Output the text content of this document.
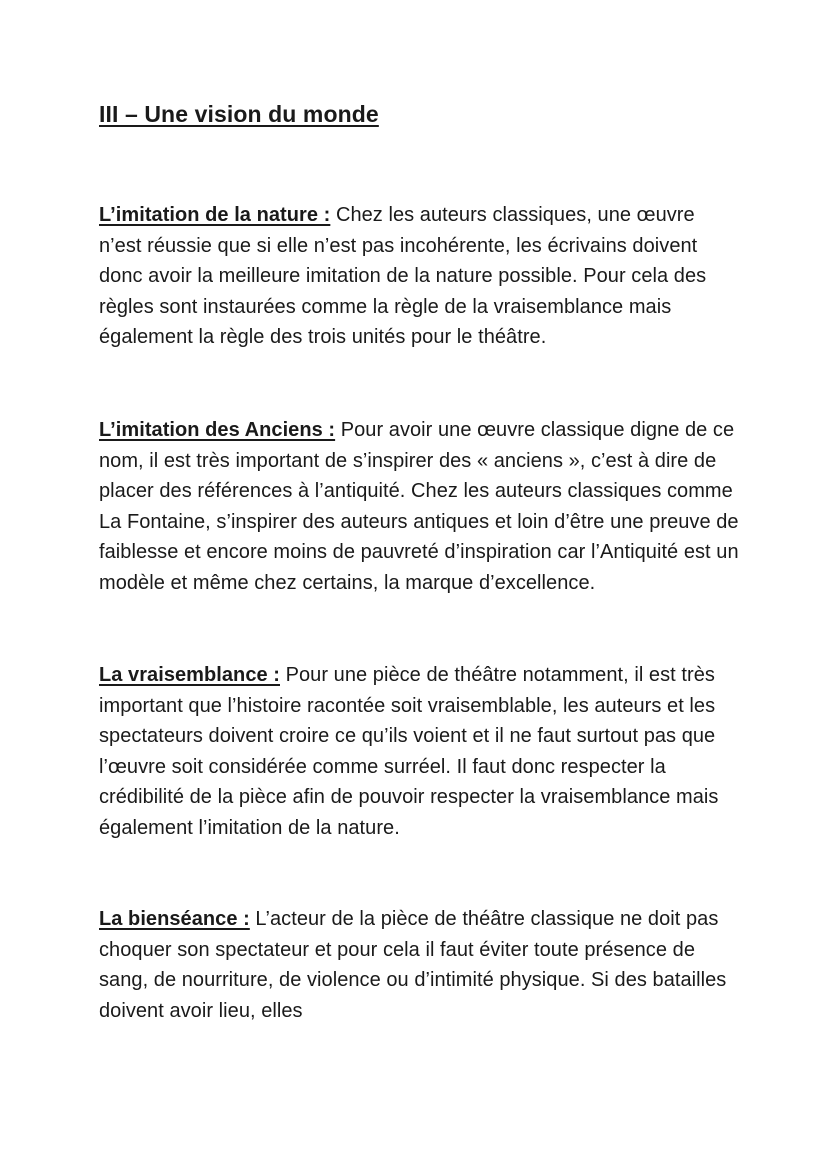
III – Une vision du monde

L’imitation de la nature : Chez les auteurs classiques, une œuvre n’est réussie que si elle n’est pas incohérente, les écrivains doivent donc avoir la meilleure imitation de la nature possible. Pour cela des règles sont instaurées comme la règle de la vraisemblance mais également la règle des trois unités pour le théâtre.

L’imitation des Anciens : Pour avoir une œuvre classique digne de ce nom, il est très important de s’inspirer des « anciens », c’est à dire de placer des références à l’antiquité. Chez les auteurs classiques comme La Fontaine, s’inspirer des auteurs antiques et loin d’être une preuve de faiblesse et encore moins de pauvreté d’inspiration car l’Antiquité est un modèle et même chez certains, la marque d’excellence.

La vraisemblance : Pour une pièce de théâtre notamment, il est très important que l’histoire racontée soit vraisemblable, les auteurs et les spectateurs doivent croire ce qu’ils voient et il ne faut surtout pas que l’œuvre soit considérée comme surréel. Il faut donc respecter la crédibilité de la pièce afin de pouvoir respecter la vraisemblance mais également l’imitation de la nature.

La bienséance : L’acteur de la pièce de théâtre classique ne doit pas choquer son spectateur et pour cela il faut éviter toute présence de sang, de nourriture, de violence ou d’intimité physique. Si des batailles doivent avoir lieu, elles
